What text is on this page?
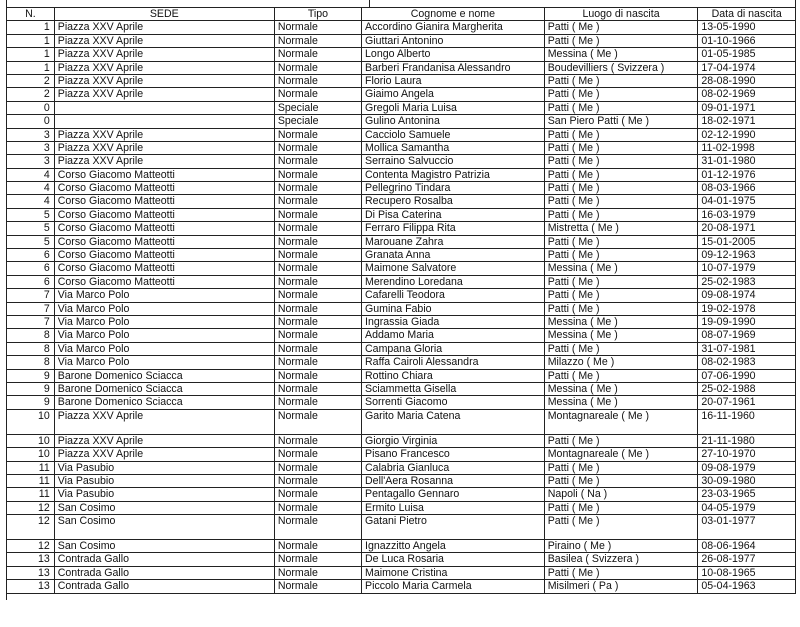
N.	SEDE	Tipo	Cognome e nome	Luogo di nascita	Data di nascita
1	Piazza XXV Aprile	Normale	Accordino Gianira Margherita	Patti ( Me )	13-05-1990
1	Piazza XXV Aprile	Normale	Giuttari Antonino	Patti ( Me )	01-10-1966
1	Piazza XXV Aprile	Normale	Longo Alberto	Messina ( Me )	01-05-1985
1	Piazza XXV Aprile	Normale	Barberi Frandanisa Alessandro	Boudevilliers ( Svizzera )	17-04-1974
2	Piazza XXV Aprile	Normale	Florio Laura	Patti ( Me )	28-08-1990
2	Piazza XXV Aprile	Normale	Giaimo Angela	Patti ( Me )	08-02-1969
0		Speciale	Gregoli Maria Luisa	Patti ( Me )	09-01-1971
0		Speciale	Gulino Antonina	San Piero Patti ( Me )	18-02-1971
3	Piazza XXV Aprile	Normale	Cacciolo Samuele	Patti ( Me )	02-12-1990
3	Piazza XXV Aprile	Normale	Mollica Samantha	Patti ( Me )	11-02-1998
3	Piazza XXV Aprile	Normale	Serraino Salvuccio	Patti ( Me )	31-01-1980
4	Corso Giacomo Matteotti	Normale	Contenta Magistro Patrizia	Patti ( Me )	01-12-1976
4	Corso Giacomo Matteotti	Normale	Pellegrino Tindara	Patti ( Me )	08-03-1966
4	Corso Giacomo Matteotti	Normale	Recupero Rosalba	Patti ( Me )	04-01-1975
5	Corso Giacomo Matteotti	Normale	Di Pisa Caterina	Patti ( Me )	16-03-1979
5	Corso Giacomo Matteotti	Normale	Ferraro Filippa Rita	Mistretta ( Me )	20-08-1971
5	Corso Giacomo Matteotti	Normale	Marouane Zahra	Patti ( Me )	15-01-2005
6	Corso Giacomo Matteotti	Normale	Granata Anna	Patti ( Me )	09-12-1963
6	Corso Giacomo Matteotti	Normale	Maimone Salvatore	Messina ( Me )	10-07-1979
6	Corso Giacomo Matteotti	Normale	Merendino Loredana	Patti ( Me )	25-02-1983
7	Via Marco Polo	Normale	Cafarelli Teodora	Patti ( Me )	09-08-1974
7	Via Marco Polo	Normale	Gumina Fabio	Patti ( Me )	19-02-1978
7	Via Marco Polo	Normale	Ingrassia Giada	Messina ( Me )	19-09-1990
8	Via Marco Polo	Normale	Addamo Maria	Messina ( Me )	08-07-1969
8	Via Marco Polo	Normale	Campana Gloria	Patti ( Me )	31-07-1981
8	Via Marco Polo	Normale	Raffa Cairoli Alessandra	Milazzo ( Me )	08-02-1983
9	Barone Domenico Sciacca	Normale	Rottino Chiara	Patti ( Me )	07-06-1990
9	Barone Domenico Sciacca	Normale	Sciammetta Gisella	Messina ( Me )	25-02-1988
9	Barone Domenico Sciacca	Normale	Sorrenti Giacomo	Messina ( Me )	20-07-1961
10	Piazza XXV Aprile	Normale	Garito Maria Catena	Montagnareale ( Me )	16-11-1960
10	Piazza XXV Aprile	Normale	Giorgio Virginia	Patti ( Me )	21-11-1980
10	Piazza XXV Aprile	Normale	Pisano Francesco	Montagnareale ( Me )	27-10-1970
11	Via Pasubio	Normale	Calabria Gianluca	Patti ( Me )	09-08-1979
11	Via Pasubio	Normale	Dell'Aera Rosanna	Patti ( Me )	30-09-1980
11	Via Pasubio	Normale	Pentagallo Gennaro	Napoli ( Na )	23-03-1965
12	San Cosimo	Normale	Ermito Luisa	Patti ( Me )	04-05-1979
12	San Cosimo	Normale	Gatani Pietro	Patti ( Me )	03-01-1977
12	San Cosimo	Normale	Ignazzitto Angela	Piraino ( Me )	08-06-1964
13	Contrada Gallo	Normale	De Luca Rosaria	Basilea ( Svizzera )	26-08-1977
13	Contrada Gallo	Normale	Maimone Cristina	Patti ( Me )	10-08-1965
13	Contrada Gallo	Normale	Piccolo Maria Carmela	Misilmeri ( Pa )	05-04-1963
